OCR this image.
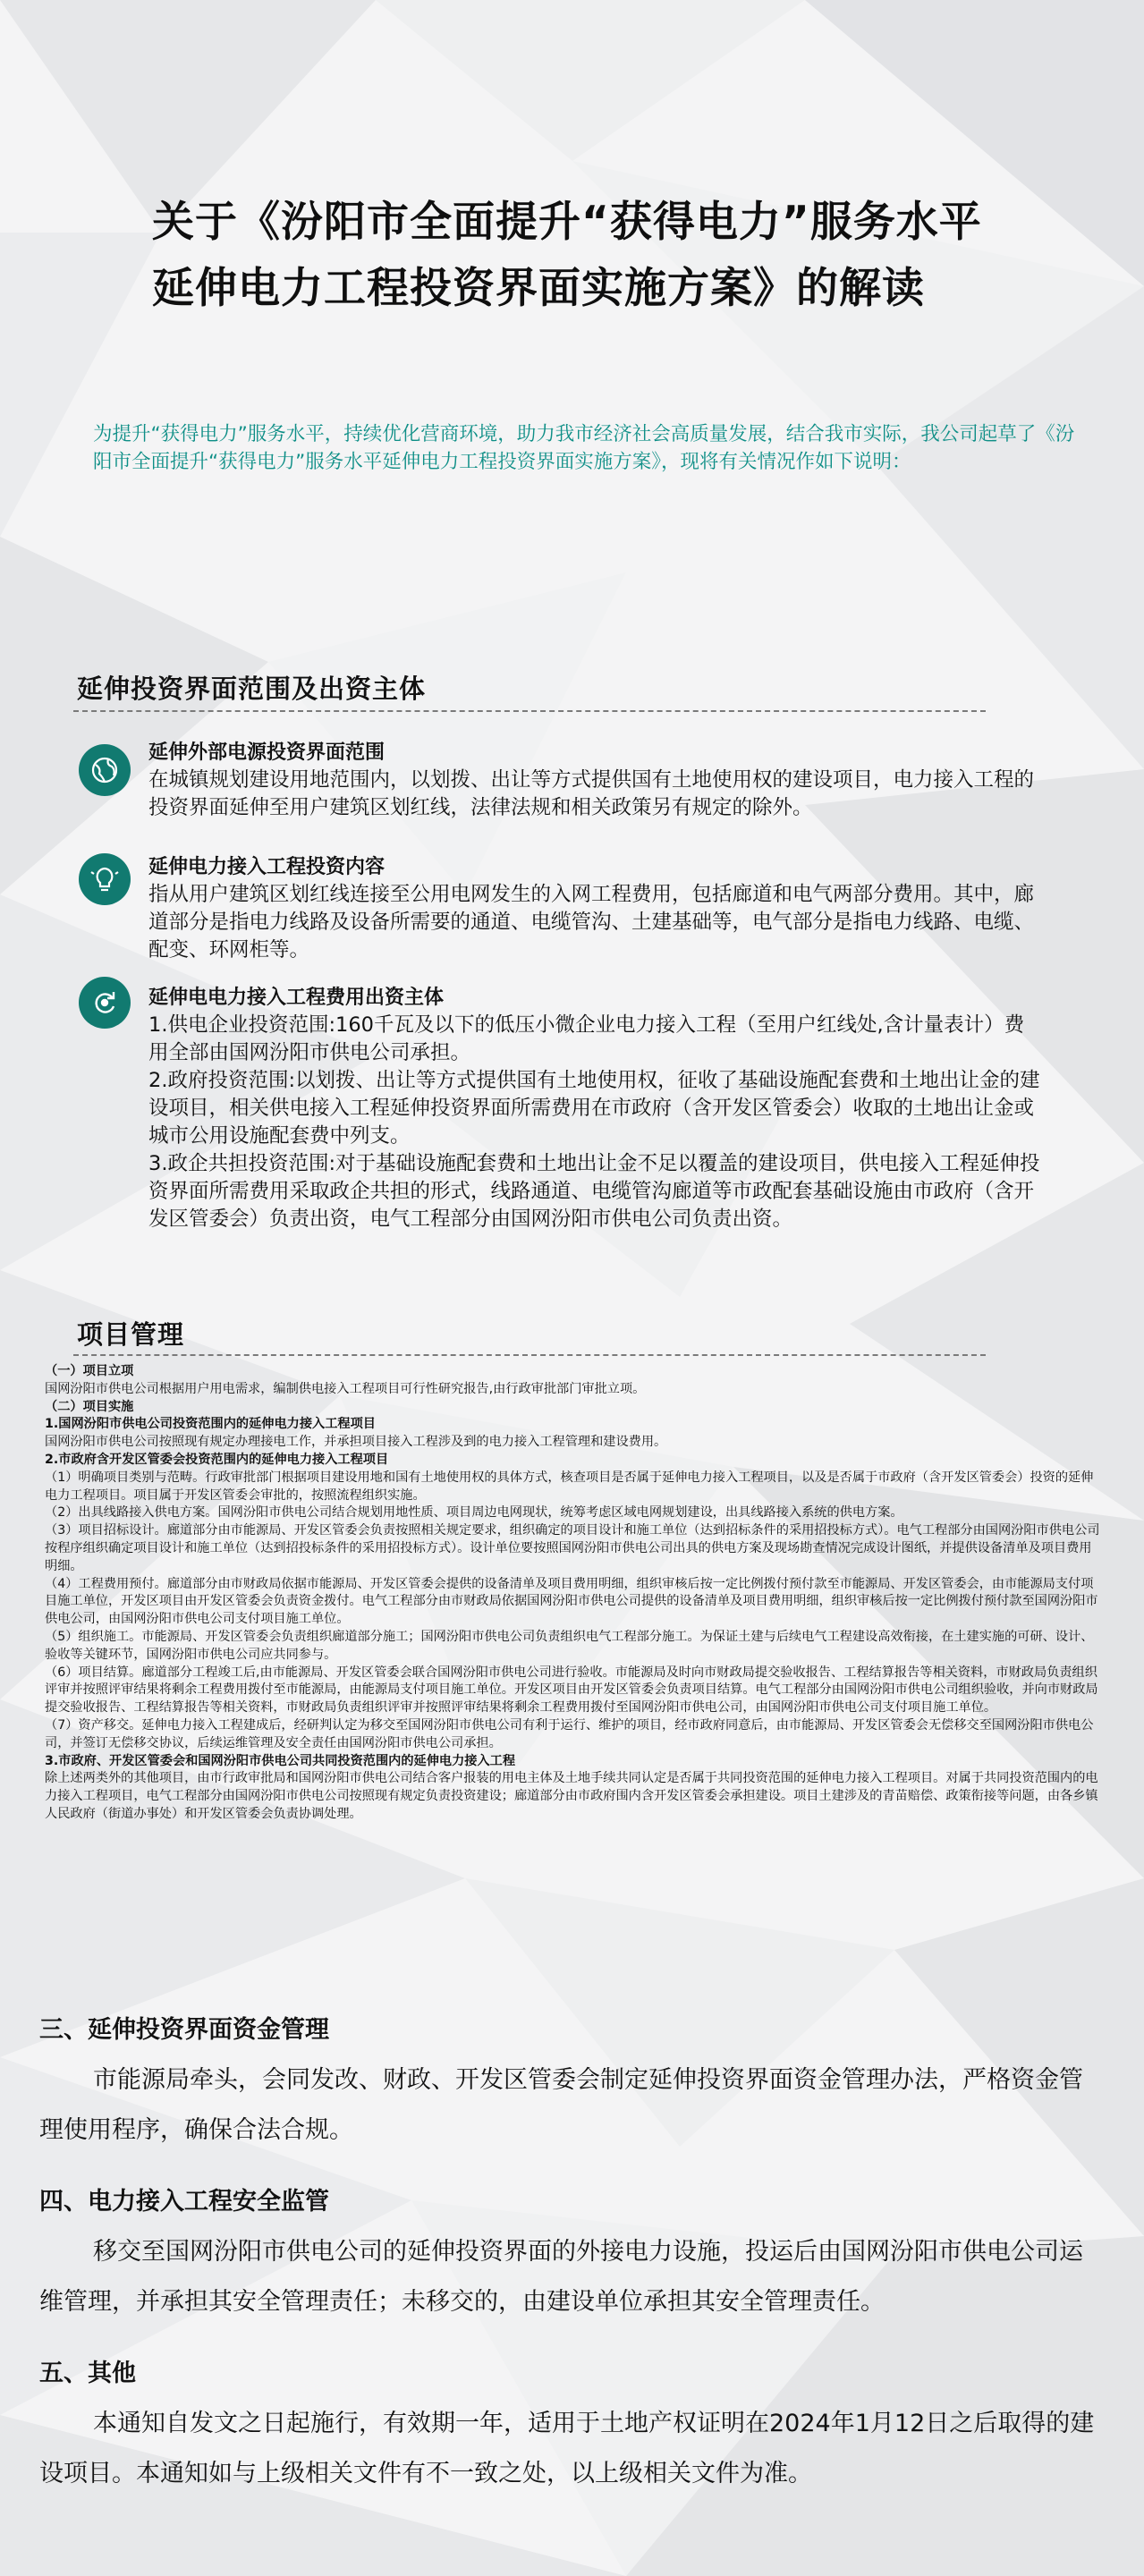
关于《汾阳市全面提升“获得电力”服务水平延伸电力工程投资界面实施方案》的解读
为提升“获得电力”服务水平，持续优化营商环境，助力我市经济社会高质量发展，结合我市实际，我公司起草了《汾阳市全面提升“获得电力”服务水平延伸电力工程投资界面实施方案》，现将有关情况作如下说明：
延伸投资界面范围及出资主体
延伸外部电源投资界面范围

在城镇规划建设用地范围内，以划拨、出让等方式提供国有土地使用权的建设项目，电力接入工程的投资界面延伸至用户建筑区划红线，法律法规和相关政策另有规定的除外。

延伸电力接入工程投资内容

指从用户建筑区划红线连接至公用电网发生的入网工程费用，包括廊道和电气两部分费用。其中，廊道部分是指电力线路及设备所需要的通道、电缆管沟、土建基础等，电气部分是指电力线路、电缆、配变、环网柜等。

延伸电电力接入工程费用出资主体

1.供电企业投资范围:160千瓦及以下的低压小微企业电力接入工程（至用户红线处,含计量表计）费用全部由国网汾阳市供电公司承担。

2.政府投资范围:以划拨、出让等方式提供国有土地使用权，征收了基础设施配套费和土地出让金的建设项目，相关供电接入工程延伸投资界面所需费用在市政府（含开发区管委会）收取的土地出让金或城市公用设施配套费中列支。

3.政企共担投资范围:对于基础设施配套费和土地出让金不足以覆盖的建设项目，供电接入工程延伸投资界面所需费用采取政企共担的形式，线路通道、电缆管沟廊道等市政配套基础设施由市政府（含开发区管委会）负责出资，电气工程部分由国网汾阳市供电公司负责出资。

项目管理
（一）项目立项
国网汾阳市供电公司根据用户用电需求，编制供电接入工程项目可行性研究报告,由行政审批部门审批立项。
（二）项目实施
1.国网汾阳市供电公司投资范围内的延伸电力接入工程项目
国网汾阳市供电公司按照现有规定办理接电工作，并承担项目接入工程涉及到的电力接入工程管理和建设费用。
2.市政府含开发区管委会投资范围内的延伸电力接入工程项目
（1）明确项目类别与范畴。行政审批部门根据项目建设用地和国有土地使用权的具体方式，核查项目是否属于延伸电力接入工程项目，以及是否属于市政府（含开发区管委会）投资的延伸电力工程项目。项目属于开发区管委会审批的，按照流程组织实施。
（2）出具线路接入供电方案。国网汾阳市供电公司结合规划用地性质、项目周边电网现状，统筹考虑区域电网规划建设，出具线路接入系统的供电方案。
（3）项目招标设计。廊道部分由市能源局、开发区管委会负责按照相关规定要求，组织确定的项目设计和施工单位（达到招标条件的采用招投标方式）。电气工程部分由国网汾阳市供电公司按程序组织确定项目设计和施工单位（达到招投标条件的采用招投标方式）。设计单位要按照国网汾阳市供电公司出具的供电方案及现场勘查情况完成设计图纸，并提供设备清单及项目费用明细。
（4）工程费用预付。廊道部分由市财政局依据市能源局、开发区管委会提供的设备清单及项目费用明细，组织审核后按一定比例拨付预付款至市能源局、开发区管委会，由市能源局支付项目施工单位，开发区项目由开发区管委会负责资金拨付。电气工程部分由市财政局依据国网汾阳市供电公司提供的设备清单及项目费用明细，组织审核后按一定比例拨付预付款至国网汾阳市供电公司，由国网汾阳市供电公司支付项目施工单位。
（5）组织施工。市能源局、开发区管委会负责组织廊道部分施工；国网汾阳市供电公司负责组织电气工程部分施工。为保证土建与后续电气工程建设高效衔接，在土建实施的可研、设计、验收等关键环节，国网汾阳市供电公司应共同参与。
（6）项目结算。廊道部分工程竣工后,由市能源局、开发区管委会联合国网汾阳市供电公司进行验收。市能源局及时向市财政局提交验收报告、工程结算报告等相关资料，市财政局负责组织评审并按照评审结果将剩余工程费用拨付至市能源局，由能源局支付项目施工单位。开发区项目由开发区管委会负责项目结算。电气工程部分由国网汾阳市供电公司组织验收，并向市财政局提交验收报告、工程结算报告等相关资料，市财政局负责组织评审并按照评审结果将剩余工程费用拨付至国网汾阳市供电公司，由国网汾阳市供电公司支付项目施工单位。
（7）资产移交。延伸电力接入工程建成后，经研判认定为移交至国网汾阳市供电公司有利于运行、维护的项目，经市政府同意后，由市能源局、开发区管委会无偿移交至国网汾阳市供电公司，并签订无偿移交协议，后续运维管理及安全责任由国网汾阳市供电公司承担。
3.市政府、开发区管委会和国网汾阳市供电公司共同投资范围内的延伸电力接入工程
除上述两类外的其他项目，由市行政审批局和国网汾阳市供电公司结合客户报装的用电主体及土地手续共同认定是否属于共同投资范围的延伸电力接入工程项目。对属于共同投资范围内的电力接入工程项目，电气工程部分由国网汾阳市供电公司按照现有规定负责投资建设；廊道部分由市政府围内含开发区管委会承担建设。项目土建涉及的青苗赔偿、政策衔接等问题，由各乡镇人民政府（街道办事处）和开发区管委会负责协调处理。
三、延伸投资界面资金管理
市能源局牵头，会同发改、财政、开发区管委会制定延伸投资界面资金管理办法，严格资金管理使用程序，确保合法合规。
四、电力接入工程安全监管
移交至国网汾阳市供电公司的延伸投资界面的外接电力设施，投运后由国网汾阳市供电公司运维管理，并承担其安全管理责任；未移交的，由建设单位承担其安全管理责任。
五、其他
本通知自发文之日起施行，有效期一年，适用于土地产权证明在2024年1月12日之后取得的建设项目。本通知如与上级相关文件有不一致之处，以上级相关文件为准。
